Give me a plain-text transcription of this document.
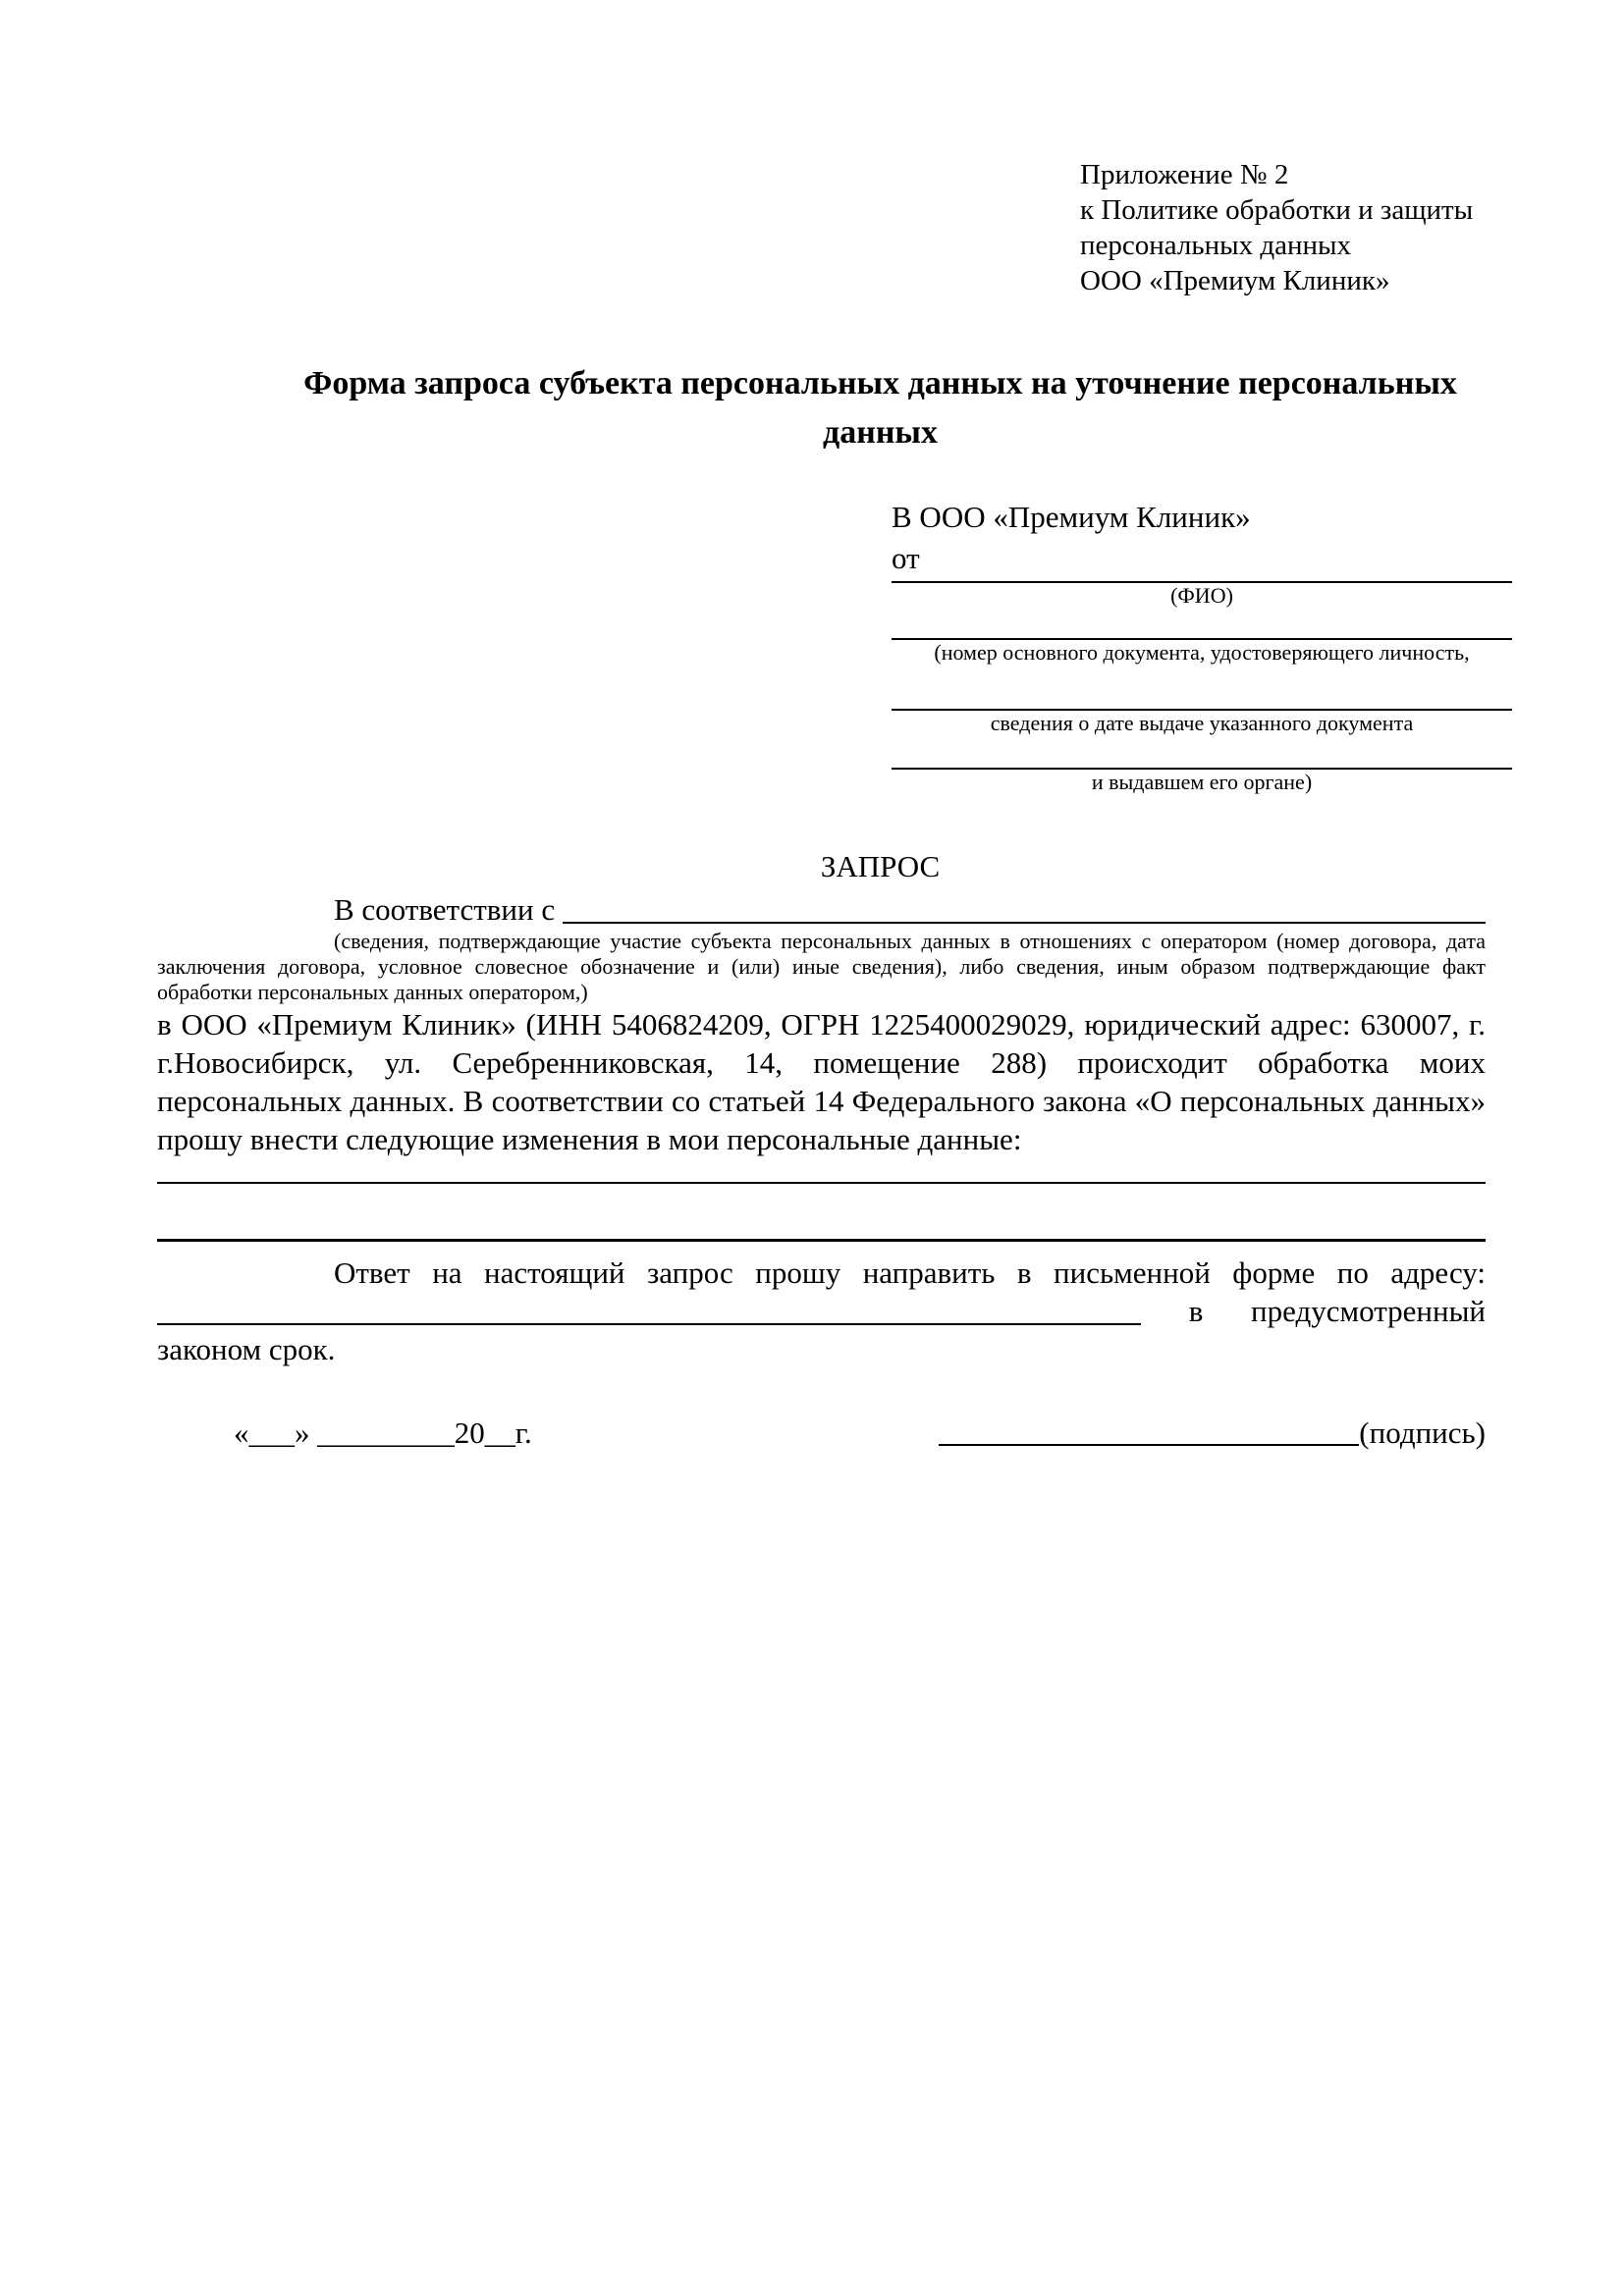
Приложение № 2

к Политике обработки и защиты

персональных данных

ООО «Премиум Клиник»

Форма запроса субъекта персональных данных на уточнение персональных данных

В ООО «Премиум Клиник»

от

(ФИО)
(номер основного документа, удостоверяющего личность,
сведения о дате выдаче указанного документа
и выдавшем его органе)

ЗАПРОС

В соответствии с

(сведения, подтверждающие участие субъекта персональных данных в отношениях с оператором (номер договора, дата заключения договора, условное словесное обозначение и (или) иные сведения), либо сведения, иным образом подтверждающие факт обработки персональных данных оператором,)

в ООО «Премиум Клиник» (ИНН 5406824209, ОГРН 1225400029029, юридический адрес: 630007, г. г.Новосибирск, ул. Серебренниковская, 14, помещение 288) происходит обработка моих персональных данных. В соответствии со статьей 14 Федерального закона «О персональных данных» прошу внести следующие изменения в мои персональные данные:

Ответ на настоящий запрос прошу направить в письменной форме по адресу:

в	предусмотренный

законом срок.

«___» _________20__г.	(подпись)
